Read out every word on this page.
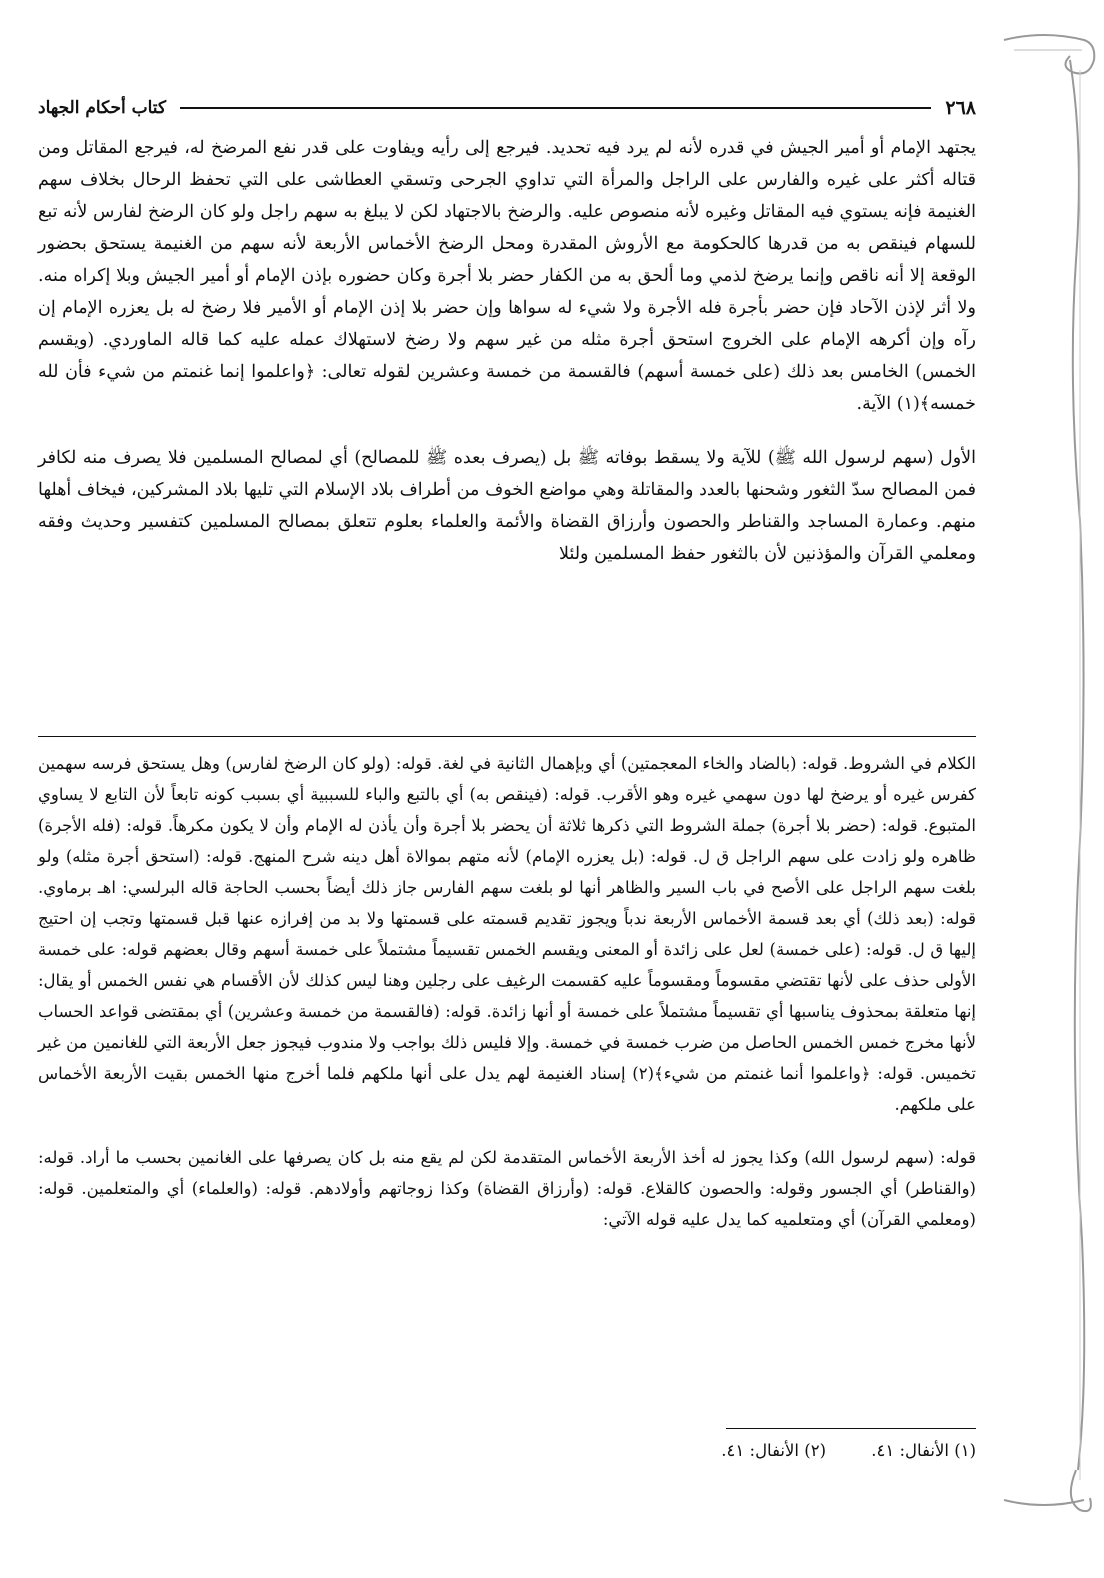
٢٦٨
كتاب أحكام الجهاد

يجتهد الإمام أو أمير الجيش في قدره لأنه لم يرد فيه تحديد. فيرجع إلى رأيه ويفاوت على قدر نفع المرضخ له، فيرجع المقاتل ومن قتاله أكثر على غيره والفارس على الراجل والمرأة التي تداوي الجرحى وتسقي العطاشى على التي تحفظ الرحال بخلاف سهم الغنيمة فإنه يستوي فيه المقاتل وغيره لأنه منصوص عليه. والرضخ بالاجتهاد لكن لا يبلغ به سهم راجل ولو كان الرضخ لفارس لأنه تبع للسهام فينقص به من قدرها كالحكومة مع الأروش المقدرة ومحل الرضخ الأخماس الأربعة لأنه سهم من الغنيمة يستحق بحضور الوقعة إلا أنه ناقص وإنما يرضخ لذمي وما ألحق به من الكفار حضر بلا أجرة وكان حضوره بإذن الإمام أو أمير الجيش وبلا إكراه منه. ولا أثر لإذن الآحاد فإن حضر بأجرة فله الأجرة ولا شيء له سواها وإن حضر بلا إذن الإمام أو الأمير فلا رضخ له بل يعزره الإمام إن رآه وإن أكرهه الإمام على الخروج استحق أجرة مثله من غير سهم ولا رضخ لاستهلاك عمله عليه كما قاله الماوردي. (ويقسم الخمس) الخامس بعد ذلك (على خمسة أسهم) فالقسمة من خمسة وعشرين لقوله تعالى: ﴿واعلموا إنما غنمتم من شيء فأن لله خمسه﴾(١) الآية.

الأول (سهم لرسول الله ﷺ) للآية ولا يسقط بوفاته ﷺ بل (يصرف بعده ﷺ للمصالح) أي لمصالح المسلمين فلا يصرف منه لكافر فمن المصالح سدّ الثغور وشحنها بالعدد والمقاتلة وهي مواضع الخوف من أطراف بلاد الإسلام التي تليها بلاد المشركين، فيخاف أهلها منهم. وعمارة المساجد والقناطر والحصون وأرزاق القضاة والأئمة والعلماء بعلوم تتعلق بمصالح المسلمين كتفسير وحديث وفقه ومعلمي القرآن والمؤذنين لأن بالثغور حفظ المسلمين ولئلا

الكلام في الشروط. قوله: (بالضاد والخاء المعجمتين) أي وبإهمال الثانية في لغة. قوله: (ولو كان الرضخ لفارس) وهل يستحق فرسه سهمين كفرس غيره أو يرضخ لها دون سهمي غيره وهو الأقرب. قوله: (فينقص به) أي بالتبع والباء للسببية أي بسبب كونه تابعاً لأن التابع لا يساوي المتبوع. قوله: (حضر بلا أجرة) جملة الشروط التي ذكرها ثلاثة أن يحضر بلا أجرة وأن يأذن له الإمام وأن لا يكون مكرهاً. قوله: (فله الأجرة) ظاهره ولو زادت على سهم الراجل ق ل. قوله: (بل يعزره الإمام) لأنه متهم بموالاة أهل دينه شرح المنهج. قوله: (استحق أجرة مثله) ولو بلغت سهم الراجل على الأصح في باب السير والظاهر أنها لو بلغت سهم الفارس جاز ذلك أيضاً بحسب الحاجة قاله البرلسي: اهـ برماوي. قوله: (بعد ذلك) أي بعد قسمة الأخماس الأربعة ندباً ويجوز تقديم قسمته على قسمتها ولا بد من إفرازه عنها قبل قسمتها وتجب إن احتيج إليها ق ل. قوله: (على خمسة) لعل على زائدة أو المعنى ويقسم الخمس تقسيماً مشتملاً على خمسة أسهم وقال بعضهم قوله: على خمسة الأولى حذف على لأنها تقتضي مقسوماً ومقسوماً عليه كقسمت الرغيف على رجلين وهنا ليس كذلك لأن الأقسام هي نفس الخمس أو يقال: إنها متعلقة بمحذوف يناسبها أي تقسيماً مشتملاً على خمسة أو أنها زائدة. قوله: (فالقسمة من خمسة وعشرين) أي بمقتضى قواعد الحساب لأنها مخرج خمس الخمس الحاصل من ضرب خمسة في خمسة. وإلا فليس ذلك بواجب ولا مندوب فيجوز جعل الأربعة التي للغانمين من غير تخميس. قوله: ﴿واعلموا أنما غنمتم من شيء﴾(٢) إسناد الغنيمة لهم يدل على أنها ملكهم فلما أخرج منها الخمس بقيت الأربعة الأخماس على ملكهم.

قوله: (سهم لرسول الله) وكذا يجوز له أخذ الأربعة الأخماس المتقدمة لكن لم يقع منه بل كان يصرفها على الغانمين بحسب ما أراد. قوله: (والقناطر) أي الجسور وقوله: والحصون كالقلاع. قوله: (وأرزاق القضاة) وكذا زوجاتهم وأولادهم. قوله: (والعلماء) أي والمتعلمين. قوله: (ومعلمي القرآن) أي ومتعلميه كما يدل عليه قوله الآتي:

(١) الأنفال: ٤١. (٢) الأنفال: ٤١.
